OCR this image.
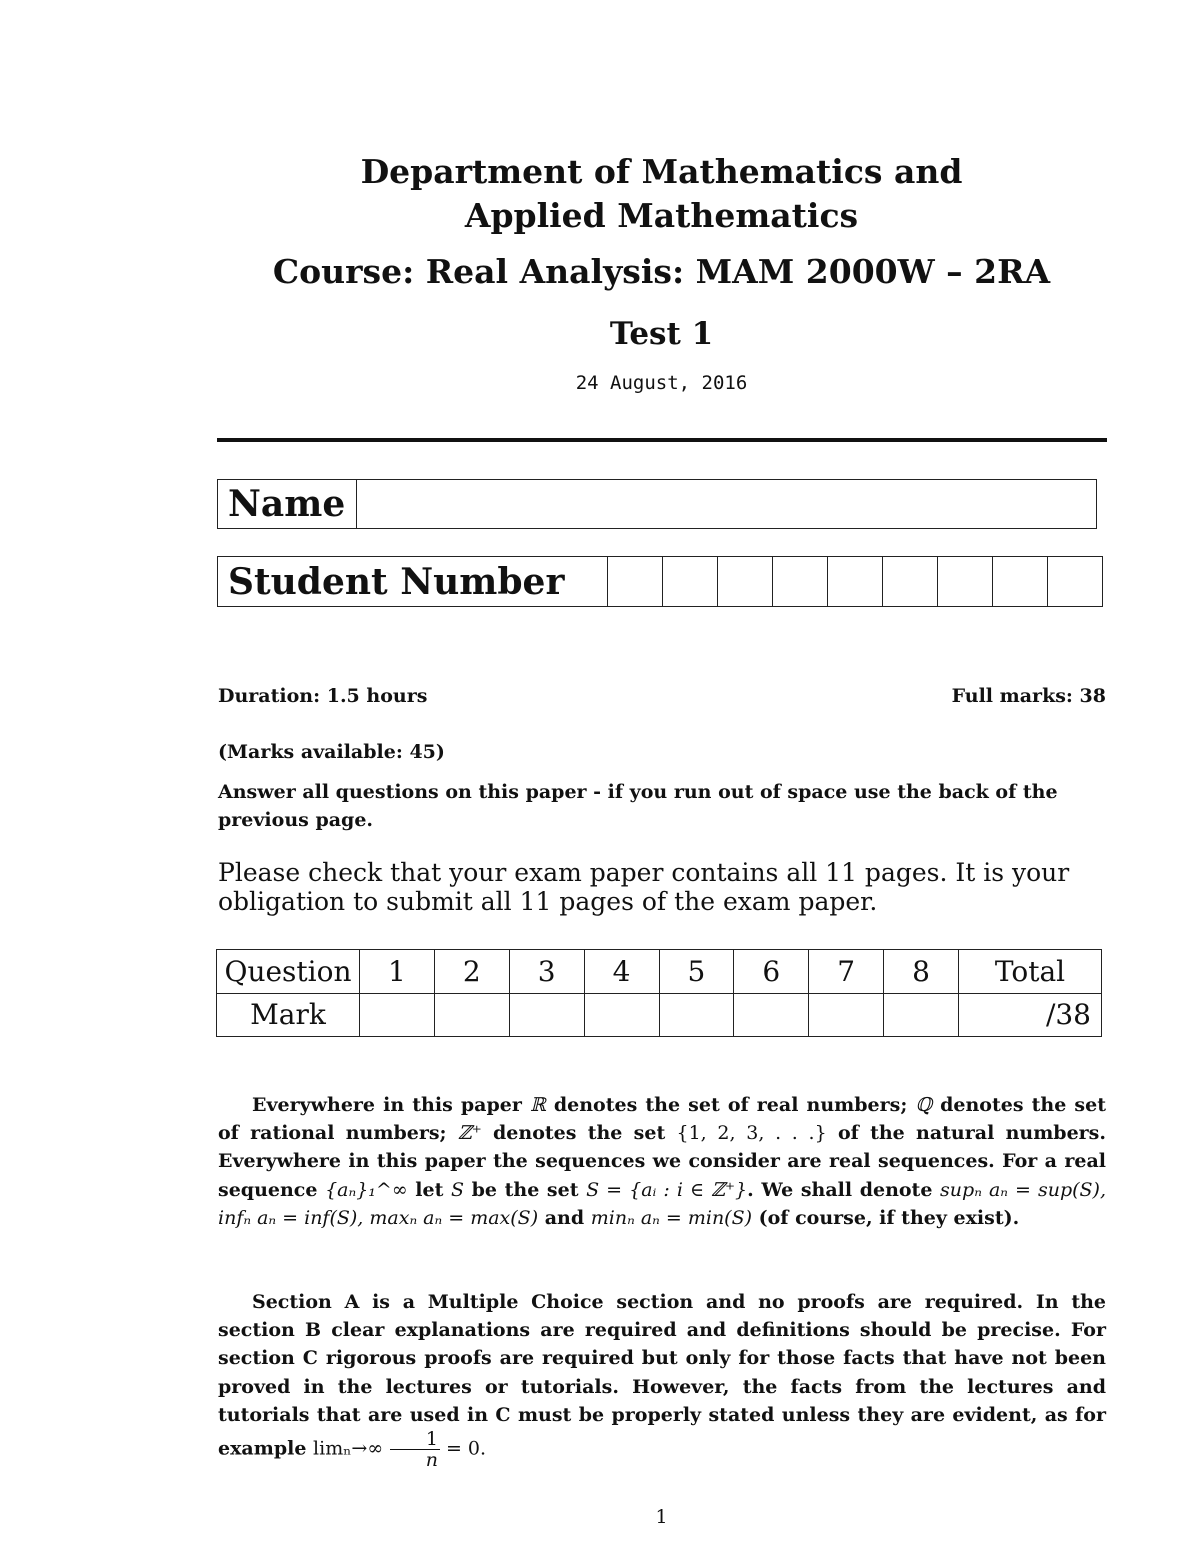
Department of Mathematics and Applied Mathematics
Course: Real Analysis: MAM 2000W – 2RA
Test 1
24 August, 2016
Name	
Student Number									
Duration: 1.5 hours	Full marks: 38
(Marks available: 45)
Answer all questions on this paper - if you run out of space use the back of the previous page.
Please check that your exam paper contains all 11 pages. It is your obligation to submit all 11 pages of the exam paper.
Question	1	2	3	4	5	6	7	8	Total
Mark									/38
Everywhere in this paper ℝ denotes the set of real numbers; ℚ denotes the set of rational numbers; ℤ⁺ denotes the set {1, 2, 3, . . .} of the natural numbers. Everywhere in this paper the sequences we consider are real sequences. For a real sequence {aₙ}₁^∞ let S be the set S = {aᵢ : i ∈ ℤ⁺}. We shall denote supₙ aₙ = sup(S), infₙ aₙ = inf(S), maxₙ aₙ = max(S) and minₙ aₙ = min(S) (of course, if they exist).
Section A is a Multiple Choice section and no proofs are required. In the section B clear explanations are required and definitions should be precise. For section C rigorous proofs are required but only for those facts that have not been proved in the lectures or tutorials. However, the facts from the lectures and tutorials that are used in C must be properly stated unless they are evident, as for example $\lim_n\to\infty \frac{1}{n} = 0$.
1
